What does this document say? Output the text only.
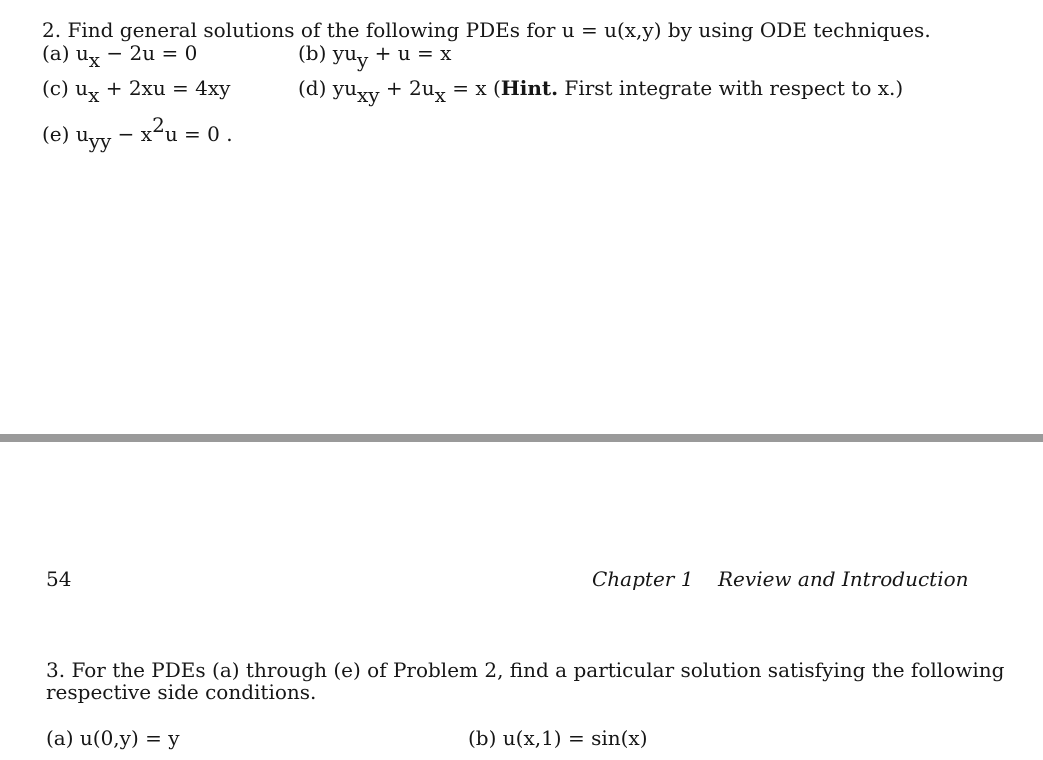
2. Find general solutions of the following PDEs for u = u(x,y) by using ODE techniques.
(a) ux − 2u = 0	(b) yuy + u = x
(c) ux + 2xu = 4xy	(d) yuxy + 2ux = x (Hint. First integrate with respect to x.)
(e) uyy − x2u = 0 .
54	Chapter 1 Review and Introduction
3. For the PDEs (a) through (e) of Problem 2, find a particular solution satisfying the following
respective side conditions.
(a) u(0,y) = y	(b) u(x,1) = sin(x)
